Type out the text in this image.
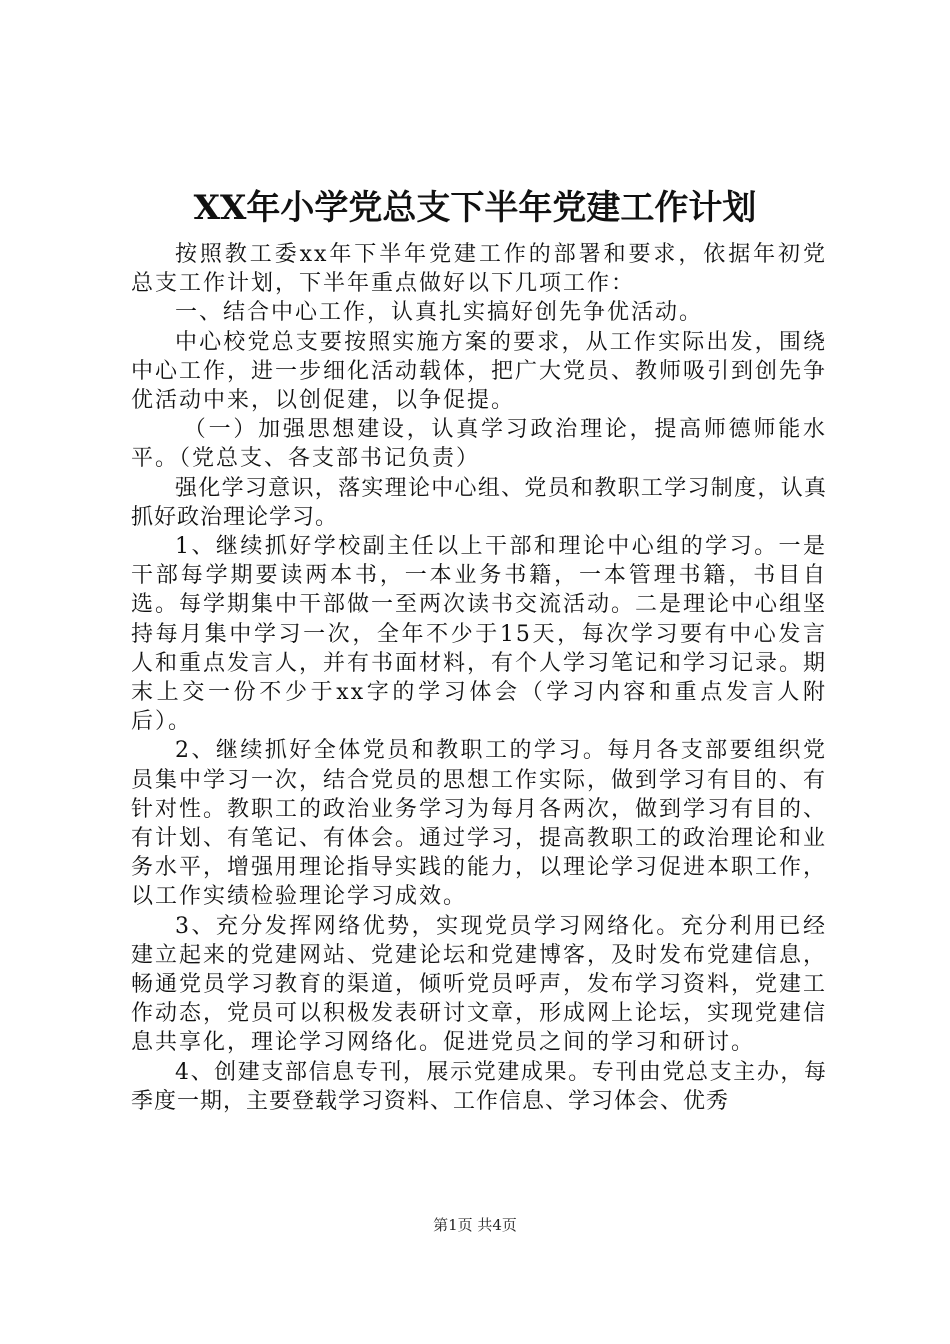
XX年小学党总支下半年党建工作计划

按照教工委xx年下半年党建工作的部署和要求，依据年初党总支工作计划，下半年重点做好以下几项工作：

一、结合中心工作，认真扎实搞好创先争优活动。

中心校党总支要按照实施方案的要求，从工作实际出发，围绕中心工作，进一步细化活动载体，把广大党员、教师吸引到创先争优活动中来，以创促建，以争促提。

（一）加强思想建设，认真学习政治理论，提高师德师能水平。（党总支、各支部书记负责）

强化学习意识，落实理论中心组、党员和教职工学习制度，认真抓好政治理论学习。

1、继续抓好学校副主任以上干部和理论中心组的学习。一是干部每学期要读两本书，一本业务书籍，一本管理书籍，书目自选。每学期集中干部做一至两次读书交流活动。二是理论中心组坚持每月集中学习一次，全年不少于15天，每次学习要有中心发言人和重点发言人，并有书面材料，有个人学习笔记和学习记录。期末上交一份不少于xx字的学习体会（学习内容和重点发言人附后）。

2、继续抓好全体党员和教职工的学习。每月各支部要组织党员集中学习一次，结合党员的思想工作实际，做到学习有目的、有针对性。教职工的政治业务学习为每月各两次，做到学习有目的、有计划、有笔记、有体会。通过学习，提高教职工的政治理论和业务水平，增强用理论指导实践的能力，以理论学习促进本职工作，以工作实绩检验理论学习成效。

3、充分发挥网络优势，实现党员学习网络化。充分利用已经建立起来的党建网站、党建论坛和党建博客，及时发布党建信息，畅通党员学习教育的渠道，倾听党员呼声，发布学习资料，党建工作动态，党员可以积极发表研讨文章，形成网上论坛，实现党建信息共享化，理论学习网络化。促进党员之间的学习和研讨。

4、创建支部信息专刊，展示党建成果。专刊由党总支主办，每季度一期，主要登载学习资料、工作信息、学习体会、优秀

第1页 共4页
